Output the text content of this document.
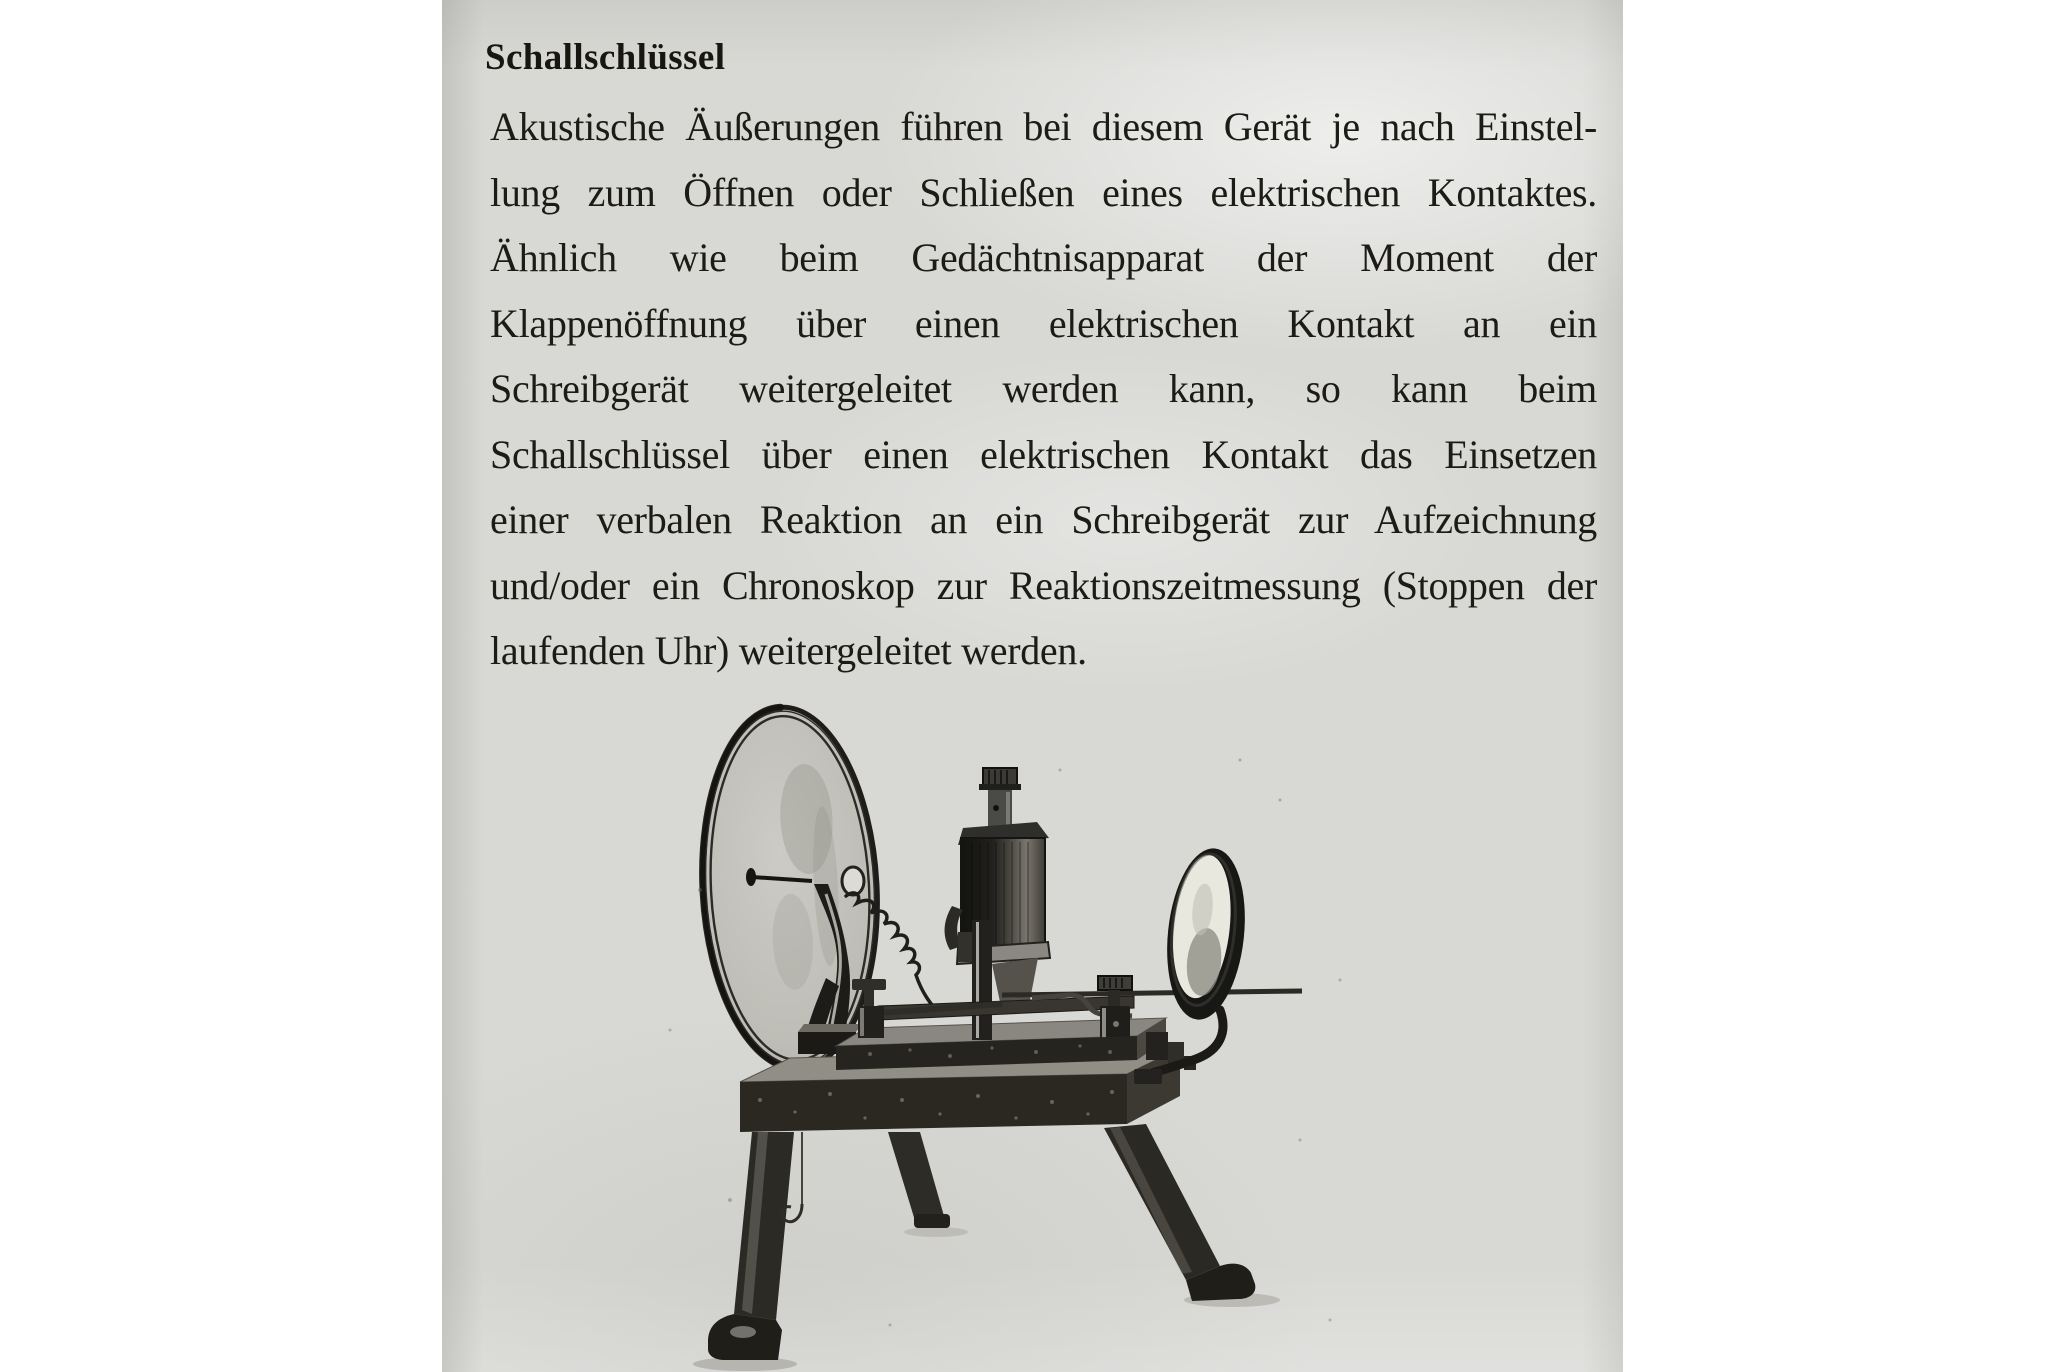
Schallschlüssel
Akustische Äußerungen führen bei diesem Gerät je nach Einstel-
lung zum Öffnen oder Schließen eines elektrischen Kontaktes.
Ähnlich wie beim Gedächtnisapparat der Moment der
Klappenöffnung über einen elektrischen Kontakt an ein
Schreibgerät weitergeleitet werden kann, so kann beim
Schallschlüssel über einen elektrischen Kontakt das Einsetzen
einer verbalen Reaktion an ein Schreibgerät zur Aufzeichnung
und/oder ein Chronoskop zur Reaktionszeitmessung (Stoppen der
laufenden Uhr) weitergeleitet werden.
